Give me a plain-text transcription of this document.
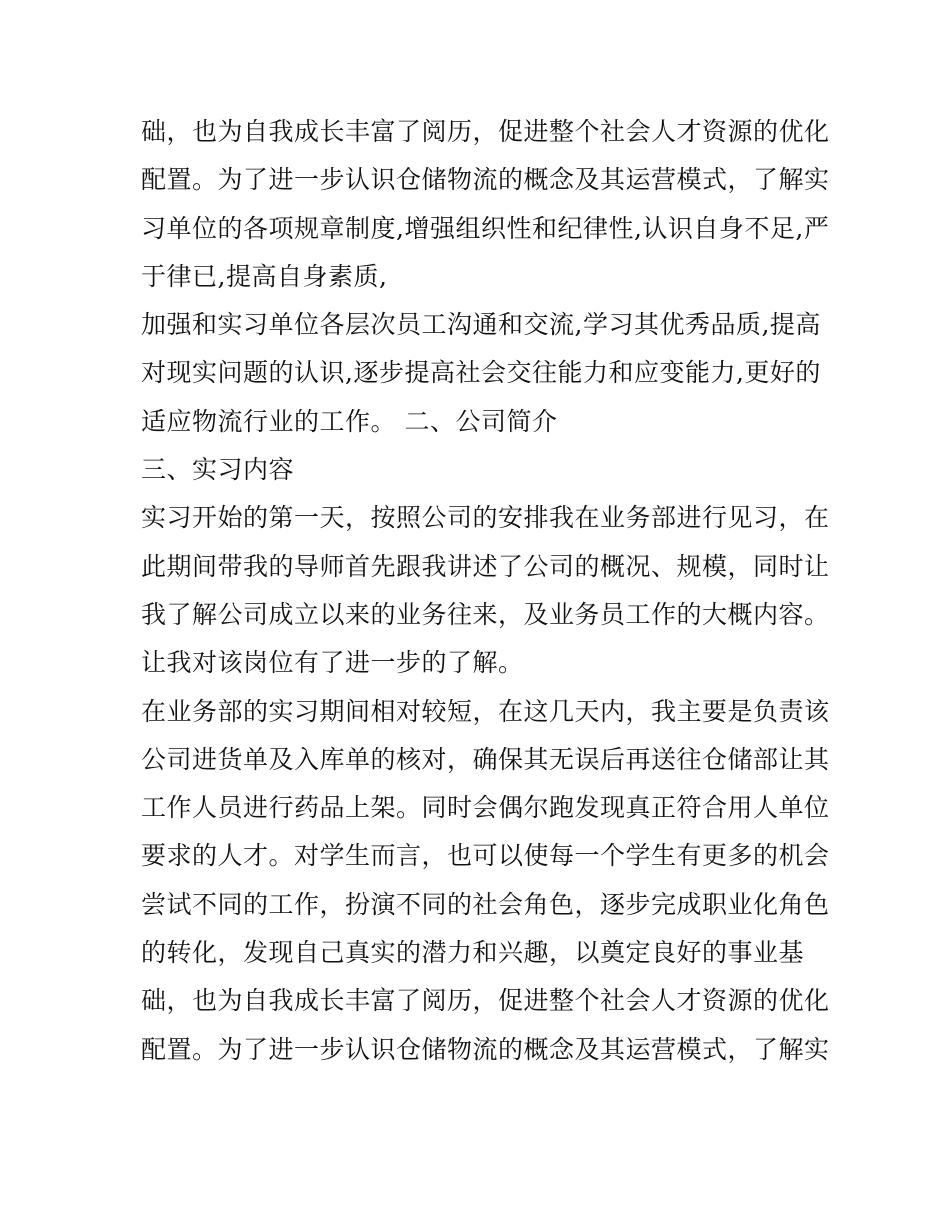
础，也为自我成长丰富了阅历，促进整个社会人才资源的优化
配置。为了进一步认识仓储物流的概念及其运营模式，了解实
习单位的各项规章制度,增强组织性和纪律性,认识自身不足,严
于律已,提高自身素质,
加强和实习单位各层次员工沟通和交流,学习其优秀品质,提高
对现实问题的认识,逐步提高社会交往能力和应变能力,更好的
适应物流行业的工作。 二、公司简介
三、实习内容
实习开始的第一天，按照公司的安排我在业务部进行见习，在
此期间带我的导师首先跟我讲述了公司的概况、规模，同时让
我了解公司成立以来的业务往来，及业务员工作的大概内容。
让我对该岗位有了进一步的了解。
在业务部的实习期间相对较短，在这几天内，我主要是负责该
公司进货单及入库单的核对，确保其无误后再送往仓储部让其
工作人员进行药品上架。同时会偶尔跑发现真正符合用人单位
要求的人才。对学生而言，也可以使每一个学生有更多的机会
尝试不同的工作，扮演不同的社会角色，逐步完成职业化角色
的转化，发现自己真实的潜力和兴趣，以奠定良好的事业基
础，也为自我成长丰富了阅历，促进整个社会人才资源的优化
配置。为了进一步认识仓储物流的概念及其运营模式，了解实
